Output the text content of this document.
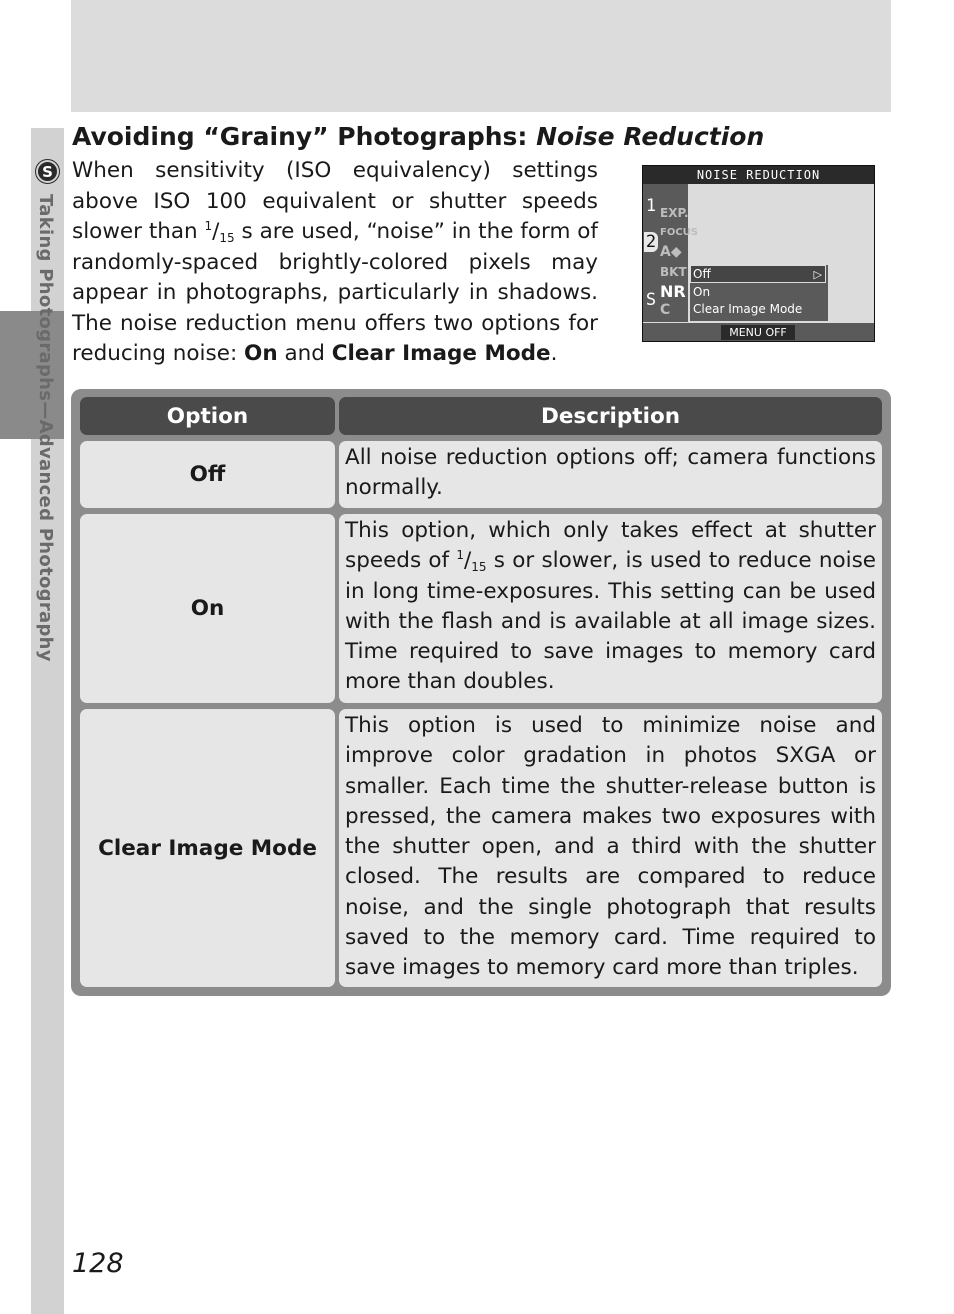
S
Taking Photographs—Advanced Photography
Avoiding “Grainy” Photographs: Noise Reduction

When sensitivity (ISO equivalency) settings above ISO 100 equivalent or shutter speeds slower than $^1/_{15}$ s are used, “noise” in the form of randomly-spaced brightly-colored pixels may appear in photographs, particularly in shadows. The noise reduction menu offers two options for reducing noise: On and Clear Image Mode.

NOISE REDUCTION
1
2
S
EXP.
FOCUS
A◆
BKT
NR
C
Off	▷
On
Clear Image Mode
MENU OFF
Option	Description
Off
All noise reduction options off; camera functions normally.
On
This option, which only takes effect at shutter speeds of $^1/_{15}$ s or slower, is used to reduce noise in long time-exposures. This setting can be used with the flash and is available at all image sizes. Time required to save images to memory card more than doubles.
Clear Image Mode
This option is used to minimize noise and improve color gradation in photos SXGA or smaller. Each time the shutter-release button is pressed, the camera makes two exposures with the shutter open, and a third with the shutter closed. The results are compared to reduce noise, and the single photograph that results saved to the memory card. Time required to save images to memory card more than triples.
128
